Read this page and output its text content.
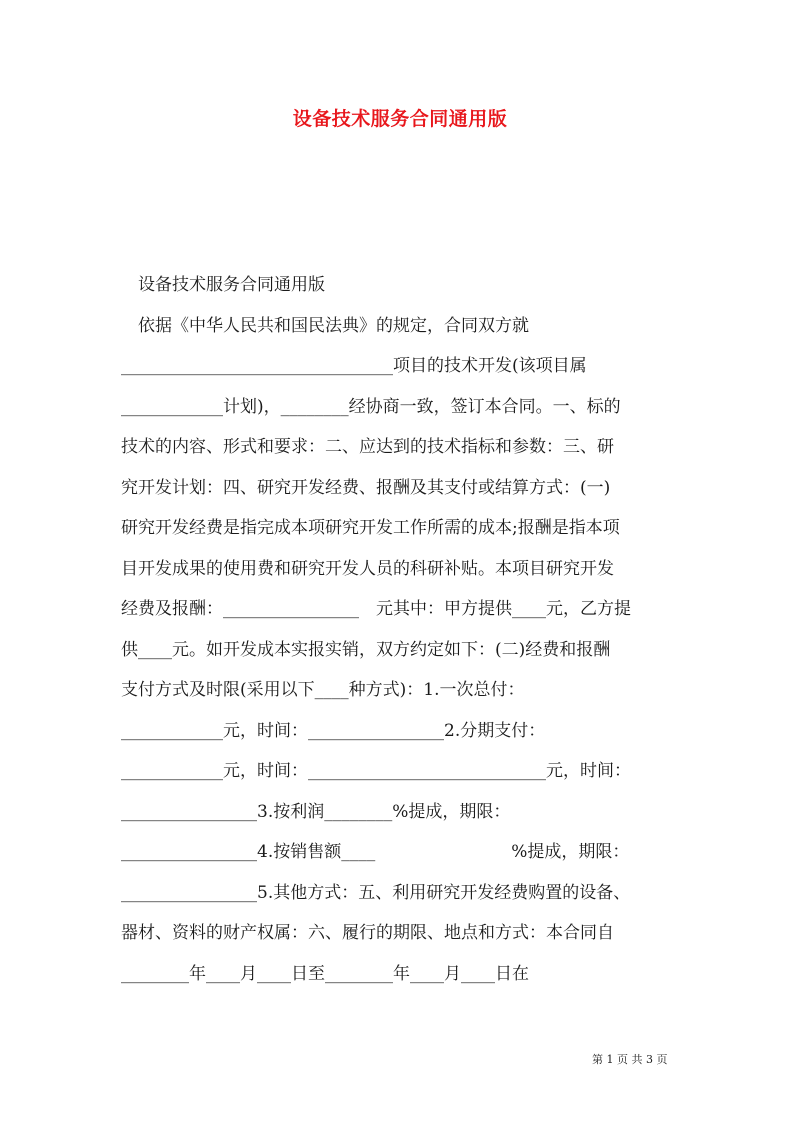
设备技术服务合同通用版
　设备技术服务合同通用版
　依据《中华人民共和国民法典》的规定，合同双方就
________________________________项目的技术开发(该项目属
____________计划)，________经协商一致，签订本合同。一、标的
技术的内容、形式和要求：二、应达到的技术指标和参数：三、研
究开发计划：四、研究开发经费、报酬及其支付或结算方式：(一)
研究开发经费是指完成本项研究开发工作所需的成本;报酬是指本项
目开发成果的使用费和研究开发人员的科研补贴。本项目研究开发
经费及报酬：________________　元其中：甲方提供____元，乙方提
供____元。如开发成本实报实销，双方约定如下：(二)经费和报酬
支付方式及时限(采用以下____种方式)：1.一次总付：
____________元，时间：________________2.分期支付：
____________元，时间：____________________________元，时间：
________________3.按利润________%提成，期限：
________________4.按销售额____　　　　　　　　%提成，期限：
________________5.其他方式：五、利用研究开发经费购置的设备、
器材、资料的财产权属：六、履行的期限、地点和方式：本合同自
________年____月____日至________年____月____日在
第 1 页 共 3 页
